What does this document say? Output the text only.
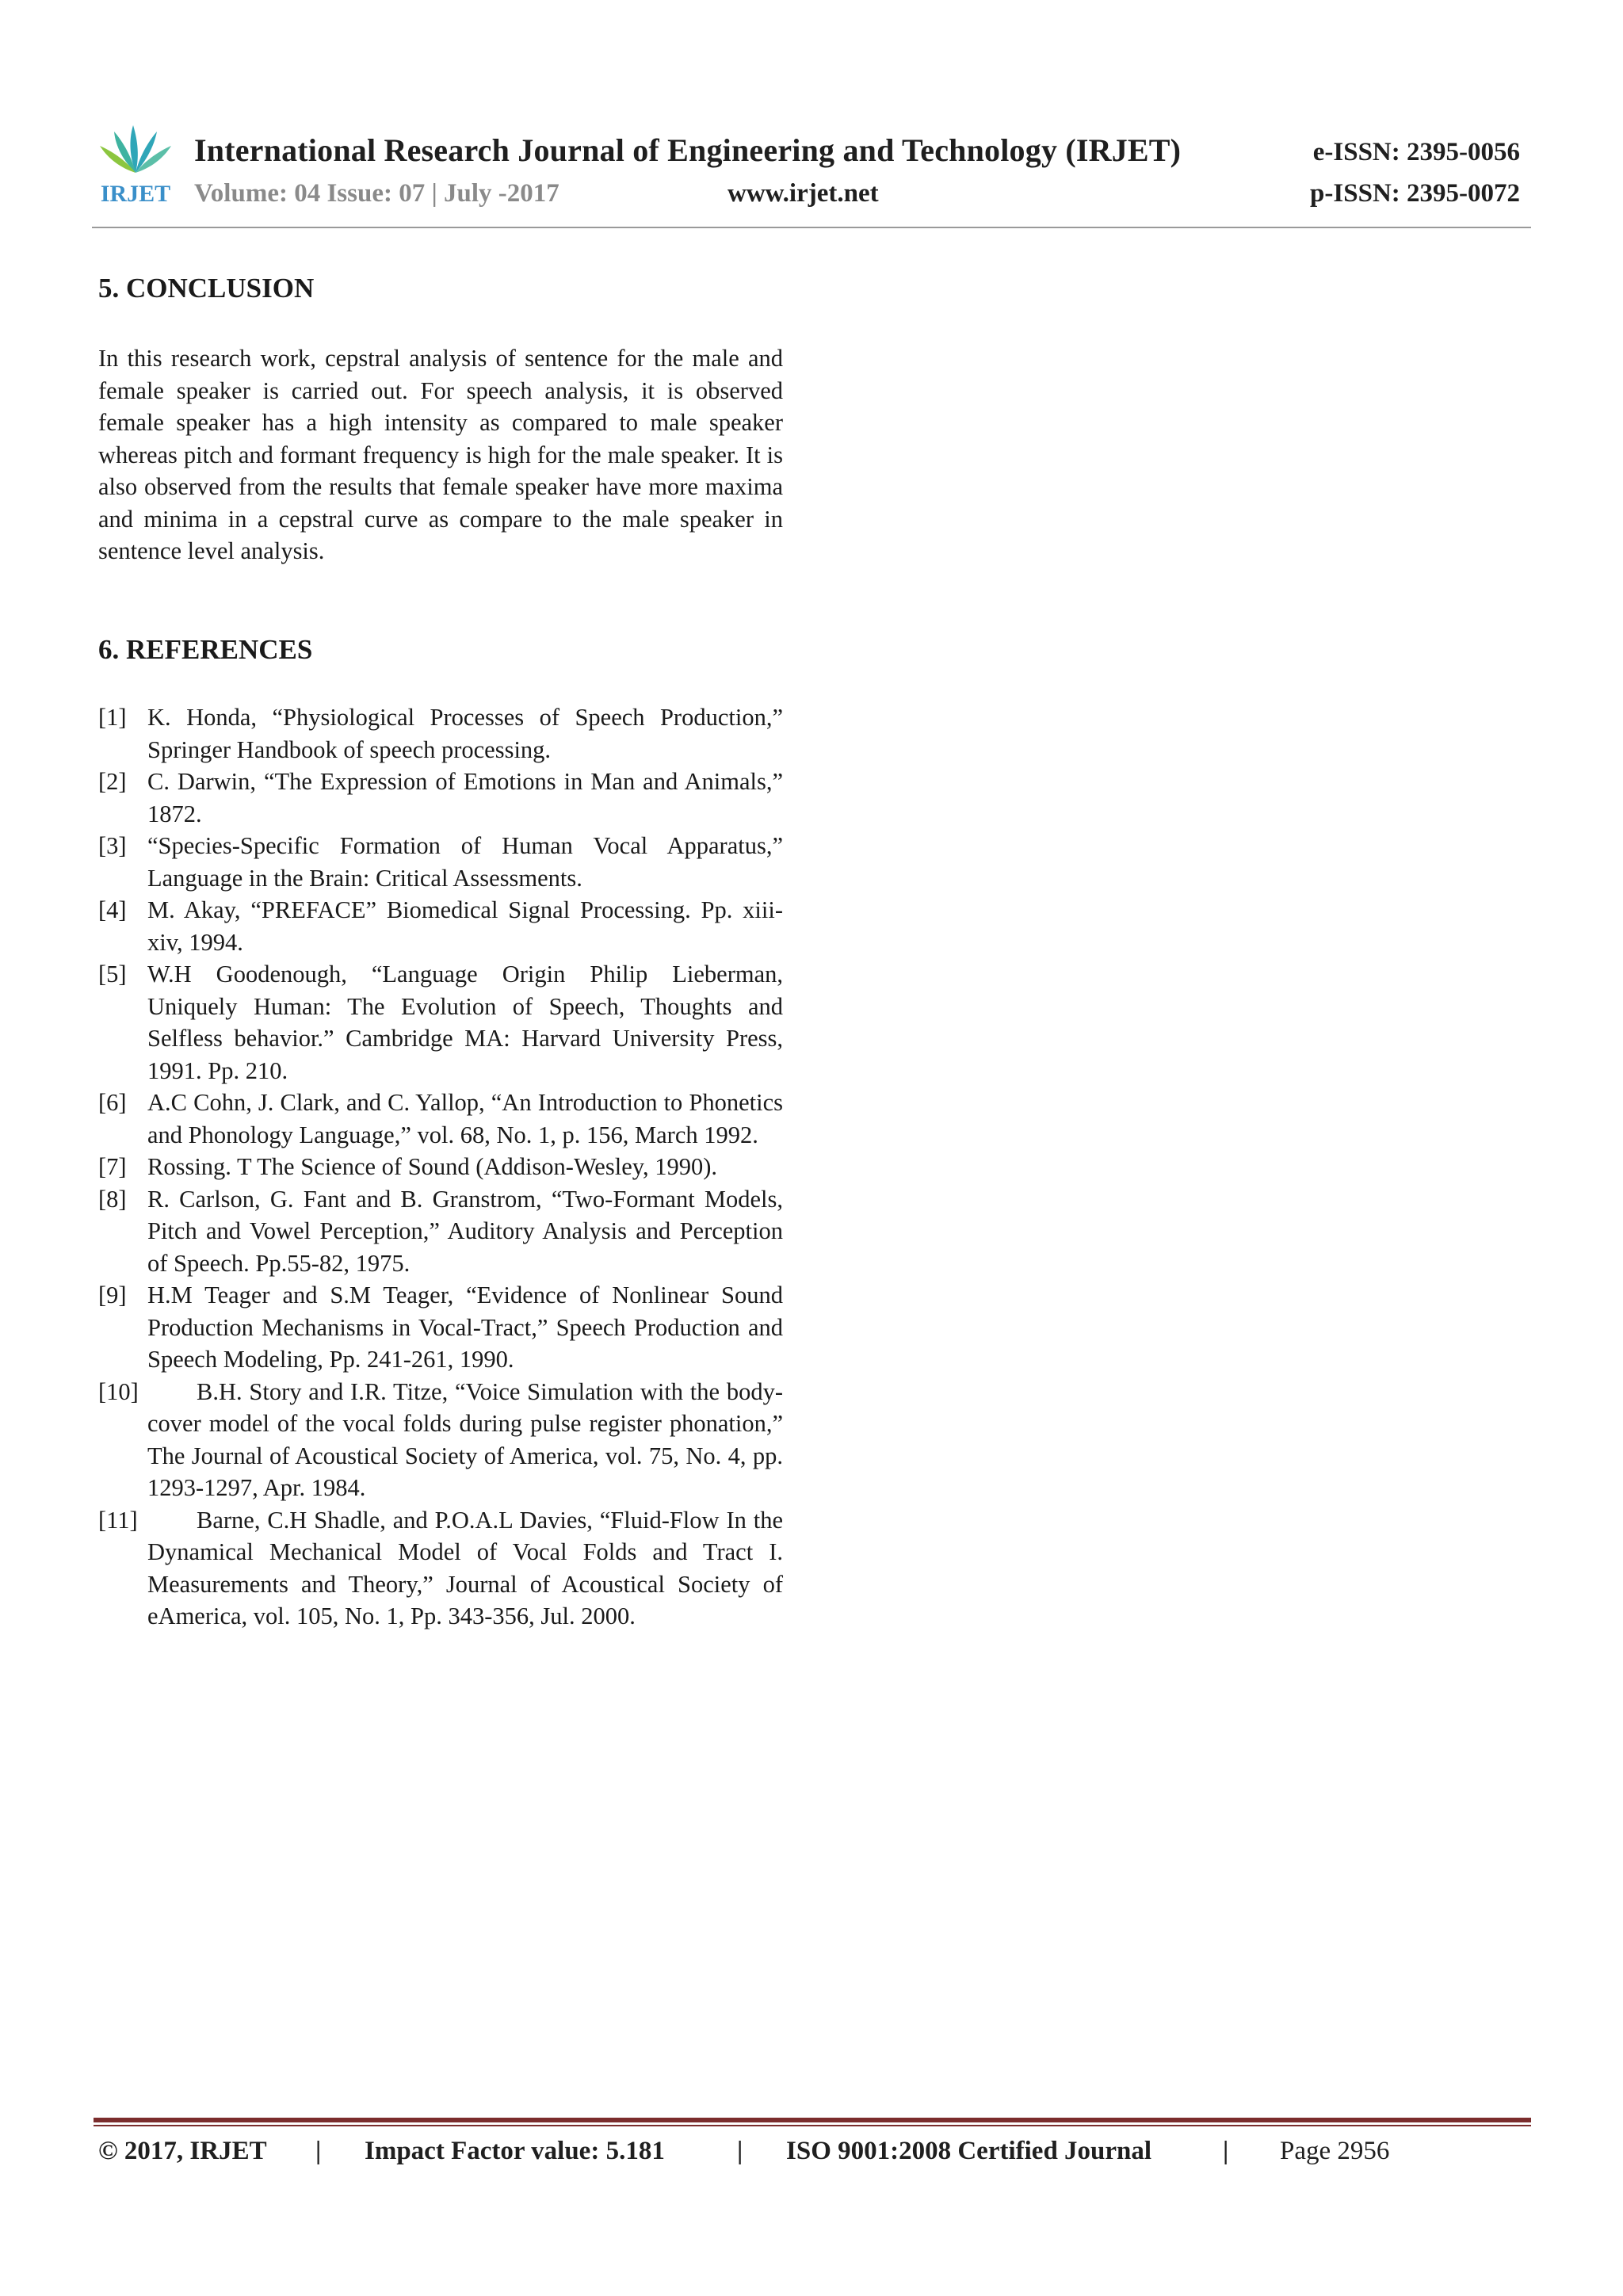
IRJET
International Research Journal of Engineering and Technology (IRJET)
Volume: 04 Issue: 07 | July -2017	www.irjet.net
e-ISSN: 2395-0056
p-ISSN: 2395-0072
5. CONCLUSION

In this research work, cepstral analysis of sentence for the male and female speaker is carried out. For speech analysis, it is observed female speaker has a high intensity as compared to male speaker whereas pitch and formant frequency is high for the male speaker. It is also observed from the results that female speaker have more maxima and minima in a cepstral curve as compare to the male speaker in sentence level analysis.

6. REFERENCES
[1] K. Honda, “Physiological Processes of Speech Production,” Springer Handbook of speech processing.
[2] C. Darwin, “The Expression of Emotions in Man and Animals,” 1872.
[3] “Species-Specific Formation of Human Vocal Apparatus,” Language in the Brain: Critical Assessments.
[4] M. Akay, “PREFACE” Biomedical Signal Processing. Pp. xiii-xiv, 1994.
[5] W.H Goodenough, “Language Origin Philip Lieberman, Uniquely Human: The Evolution of Speech, Thoughts and Selfless behavior.” Cambridge MA: Harvard University Press, 1991. Pp. 210.
[6] A.C Cohn, J. Clark, and C. Yallop, “An Introduction to Phonetics and Phonology Language,” vol. 68, No. 1, p. 156, March 1992.
[7] Rossing. T The Science of Sound (Addison-Wesley, 1990).
[8] R. Carlson, G. Fant and B. Granstrom, “Two-Formant Models, Pitch and Vowel Perception,” Auditory Analysis and Perception of Speech. Pp.55-82, 1975.
[9] H.M Teager and S.M Teager, “Evidence of Nonlinear Sound Production Mechanisms in Vocal-Tract,” Speech Production and Speech Modeling, Pp. 241-261, 1990.
[10] B.H. Story and I.R. Titze, “Voice Simulation with the body-cover model of the vocal folds during pulse register phonation,” The Journal of Acoustical Society of America, vol. 75, No. 4, pp. 1293-1297, Apr. 1984.
[11] Barne, C.H Shadle, and P.O.A.L Davies, “Fluid-Flow In the Dynamical Mechanical Model of Vocal Folds and Tract I. Measurements and Theory,” Journal of Acoustical Society of eAmerica, vol. 105, No. 1, Pp. 343-356, Jul. 2000.
© 2017, IRJET | Impact Factor value: 5.181	| ISO 9001:2008 Certified Journal	| Page 2956
